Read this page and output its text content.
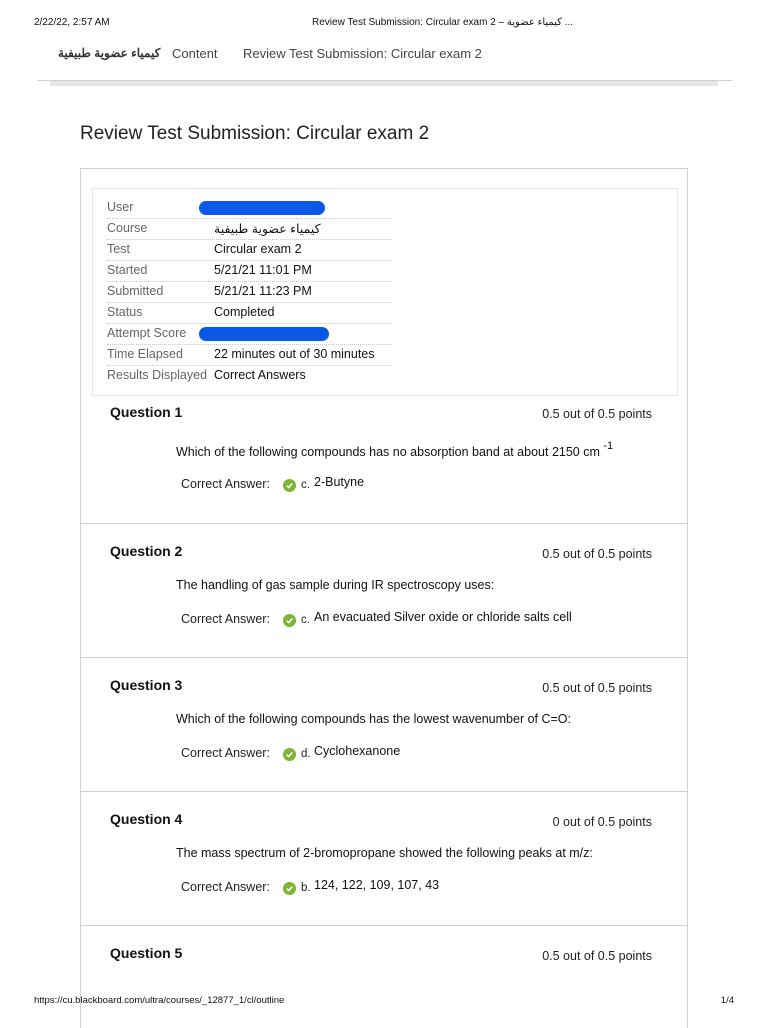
2/22/22, 2:57 AM	Review Test Submission: Circular exam 2 – كيمياء عضوية ...
كيمياء عضوية طبيفية Content Review Test Submission: Circular exam 2
Review Test Submission: Circular exam 2
User
Course	كيمياء عضوية طبيفية
Test	Circular exam 2
Started	5/21/21 11:01 PM
Submitted	5/21/21 11:23 PM
Status	Completed
Attempt Score
Time Elapsed 22 minutes out of 30 minutes
Results Displayed Correct Answers
Question 1	0.5 out of 0.5 points
Which of the following compounds has no absorption band at about 2150 cm $^{-1}$
Correct Answer:	c. 2-Butyne
Question 2	0.5 out of 0.5 points
The handling of gas sample during IR spectroscopy uses:
Correct Answer:	c. An evacuated Silver oxide or chloride salts cell
Question 3	0.5 out of 0.5 points
Which of the following compounds has the lowest wavenumber of C=O:
Correct Answer:	d. Cyclohexanone
Question 4	0 out of 0.5 points
The mass spectrum of 2-bromopropane showed the following peaks at m/z:
Correct Answer:	b. 124, 122, 109, 107, 43
Question 5	0.5 out of 0.5 points
https://cu.blackboard.com/ultra/courses/_12877_1/cl/outline	1/4
